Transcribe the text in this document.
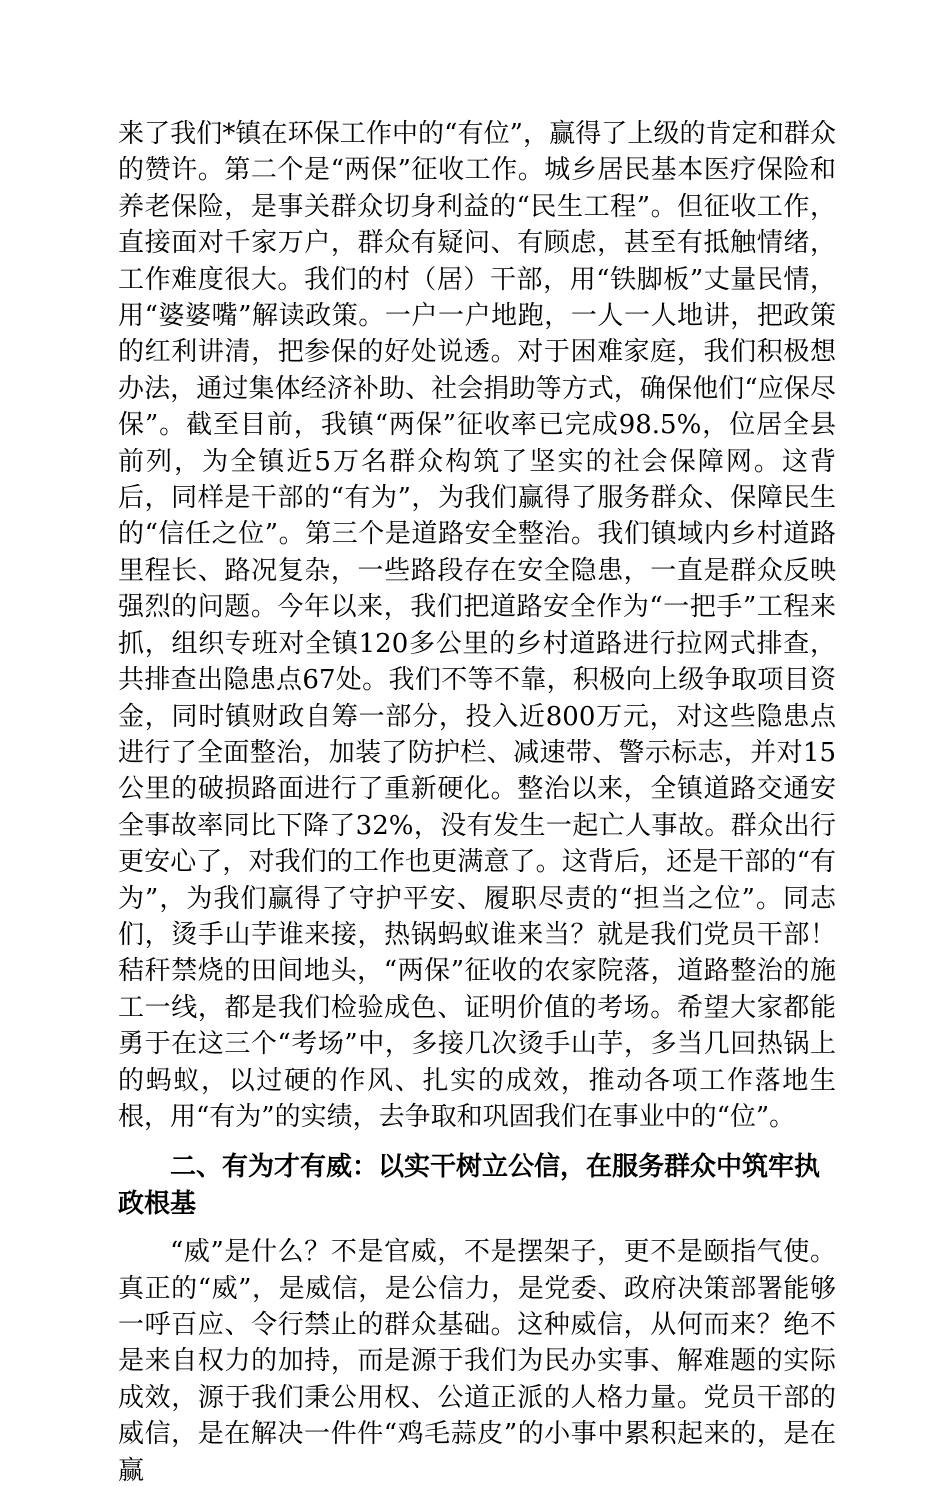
来了我们*镇在环保工作中的“有位”，赢得了上级的肯定和群众的赞许。第二个是“两保”征收工作。城乡居民基本医疗保险和养老保险，是事关群众切身利益的“民生工程”。但征收工作，直接面对千家万户，群众有疑问、有顾虑，甚至有抵触情绪，工作难度很大。我们的村（居）干部，用“铁脚板”丈量民情，用“婆婆嘴”解读政策。一户一户地跑，一人一人地讲，把政策的红利讲清，把参保的好处说透。对于困难家庭，我们积极想办法，通过集体经济补助、社会捐助等方式，确保他们“应保尽保”。截至目前，我镇“两保”征收率已完成98.5%，位居全县前列，为全镇近5万名群众构筑了坚实的社会保障网。这背后，同样是干部的“有为”，为我们赢得了服务群众、保障民生的“信任之位”。第三个是道路安全整治。我们镇域内乡村道路里程长、路况复杂，一些路段存在安全隐患，一直是群众反映强烈的问题。今年以来，我们把道路安全作为“一把手”工程来抓，组织专班对全镇120多公里的乡村道路进行拉网式排查，共排查出隐患点67处。我们不等不靠，积极向上级争取项目资金，同时镇财政自筹一部分，投入近800万元，对这些隐患点进行了全面整治，加装了防护栏、减速带、警示标志，并对15公里的破损路面进行了重新硬化。整治以来，全镇道路交通安全事故率同比下降了32%，没有发生一起亡人事故。群众出行更安心了，对我们的工作也更满意了。这背后，还是干部的“有为”，为我们赢得了守护平安、履职尽责的“担当之位”。同志们，烫手山芋谁来接，热锅蚂蚁谁来当？就是我们党员干部！秸秆禁烧的田间地头，“两保”征收的农家院落，道路整治的施工一线，都是我们检验成色、证明价值的考场。希望大家都能勇于在这三个“考场”中，多接几次烫手山芋，多当几回热锅上的蚂蚁，以过硬的作风、扎实的成效，推动各项工作落地生根，用“有为”的实绩，去争取和巩固我们在事业中的“位”。

二、有为才有威：以实干树立公信，在服务群众中筑牢执政根基

“威”是什么？不是官威，不是摆架子，更不是颐指气使。真正的“威”，是威信，是公信力，是党委、政府决策部署能够一呼百应、令行禁止的群众基础。这种威信，从何而来？绝不是来自权力的加持，而是源于我们为民办实事、解难题的实际成效，源于我们秉公用权、公道正派的人格力量。党员干部的威信，是在解决一件件“鸡毛蒜皮”的小事中累积起来的，是在赢
